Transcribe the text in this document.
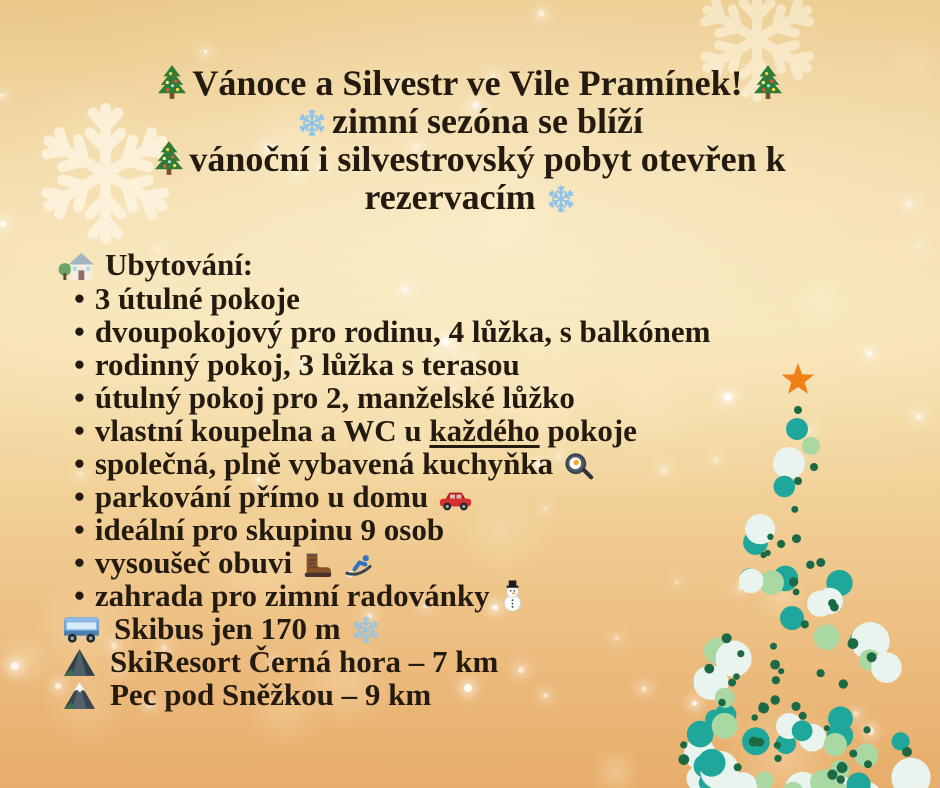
Vánoce a Silvestr ve Vile Pramínek!
zimní sezóna se blíží
vánoční i silvestrovský pobyt otevřen k
rezervacím
Ubytování:
• 3 útulné pokoje
• dvoupokojový pro rodinu, 4 lůžka, s balkónem
• rodinný pokoj, 3 lůžka s terasou
• útulný pokoj pro 2, manželské lůžko
• vlastní koupelna a WC u každého pokoje
• společná, plně vybavená kuchyňka
• parkování přímo u domu
• ideální pro skupinu 9 osob
• vysoušeč obuvi
• zahrada pro zimní radovánky
Skibus jen 170 m
SkiResort Černá hora – 7 km
Pec pod Sněžkou – 9 km
